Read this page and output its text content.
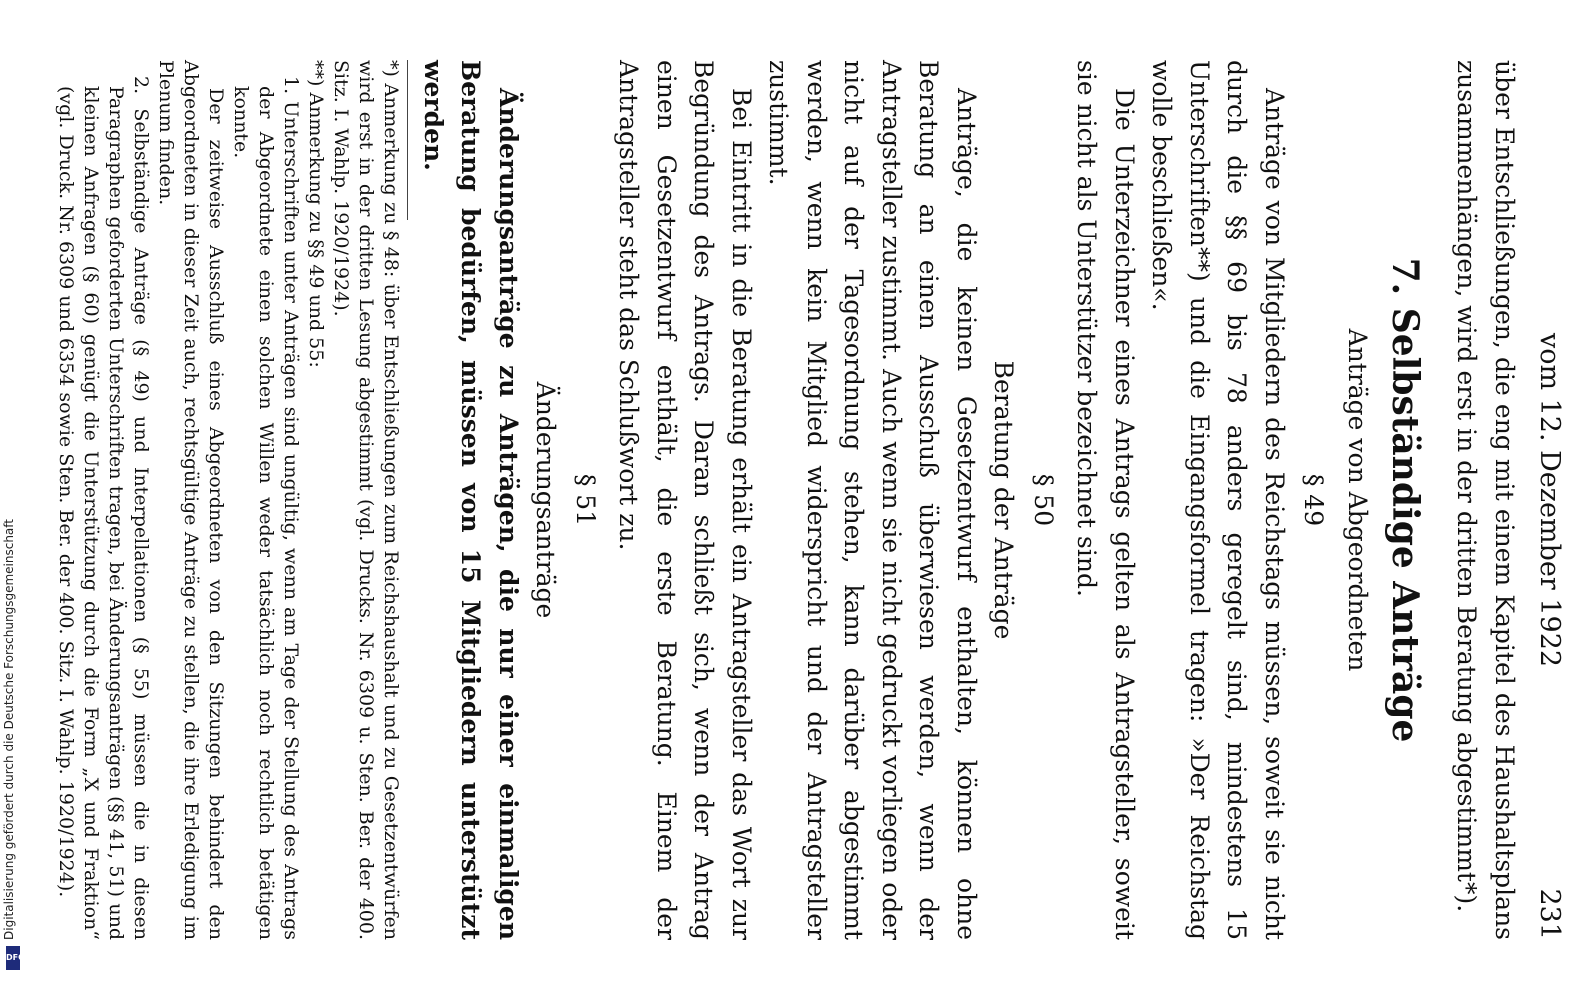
Digitalisierung gefördert durch die Deutsche Forschungsgemeinschaft
DFG
vom 12. Dezember 1922
231

über Entschließungen, die eng mit einem Kapitel des Haushaltsplans zusammenhängen, wird erst in der dritten Beratung abgestimmt*).

7. Selbständige Anträge
Anträge von Abgeordneten
§ 49

Anträge von Mitgliedern des Reichstags müssen, soweit sie nicht durch die §§ 69 bis 78 anders geregelt sind, mindestens 15 Unterschriften**) und die Eingangsformel tragen: »Der Reichstag wolle beschließen«.

Die Unterzeichner eines Antrags gelten als Antragsteller, soweit sie nicht als Unterstützer bezeichnet sind.

§ 50
Beratung der Anträge

Anträge, die keinen Gesetzentwurf enthalten, können ohne Beratung an einen Ausschuß überwiesen werden, wenn der Antragsteller zustimmt. Auch wenn sie nicht gedruckt vorliegen oder nicht auf der Tagesordnung stehen, kann darüber abgestimmt werden, wenn kein Mitglied widerspricht und der Antragsteller zustimmt.

Bei Eintritt in die Beratung erhält ein Antragsteller das Wort zur Begründung des Antrags. Daran schließt sich, wenn der Antrag einen Gesetzentwurf enthält, die erste Beratung. Einem der Antragsteller steht das Schlußwort zu.

§ 51
Änderungsanträge

Änderungsanträge zu Anträgen, die nur einer einmaligen Beratung bedürfen, müssen von 15 Mitgliedern unterstützt werden.

*) Anmerkung zu § 48: über Entschließungen zum Reichshaushalt und zu Gesetzentwürfen wird erst in der dritten Lesung abgestimmt (vgl. Drucks. Nr. 6309 u. Sten. Ber. der 400. Sitz. I. Wahlp. 1920/1924).

**) Anmerkung zu §§ 49 und 55:

1. Unterschriften unter Anträgen sind ungültig, wenn am Tage der Stellung des Antrags der Abgeordnete einen solchen Willen weder tatsächlich noch rechtlich betätigen konnte.

Der zeitweise Ausschluß eines Abgeordneten von den Sitzungen behindert den Abgeordneten in dieser Zeit auch, rechtsgültige Anträge zu stellen, die ihre Erledigung im Plenum finden.

2. Selbständige Anträge (§ 49) und Interpellationen (§ 55) müssen die in diesen Paragraphen geforderten Unterschriften tragen, bei Änderungsanträgen (§§ 41, 51) und kleinen Anfragen (§ 60) genügt die Unterstützung durch die Form „X und Fraktion“ (vgl. Druck. Nr. 6309 und 6354 sowie Sten. Ber. der 400. Sitz. I. Wahlp. 1920/1924).
